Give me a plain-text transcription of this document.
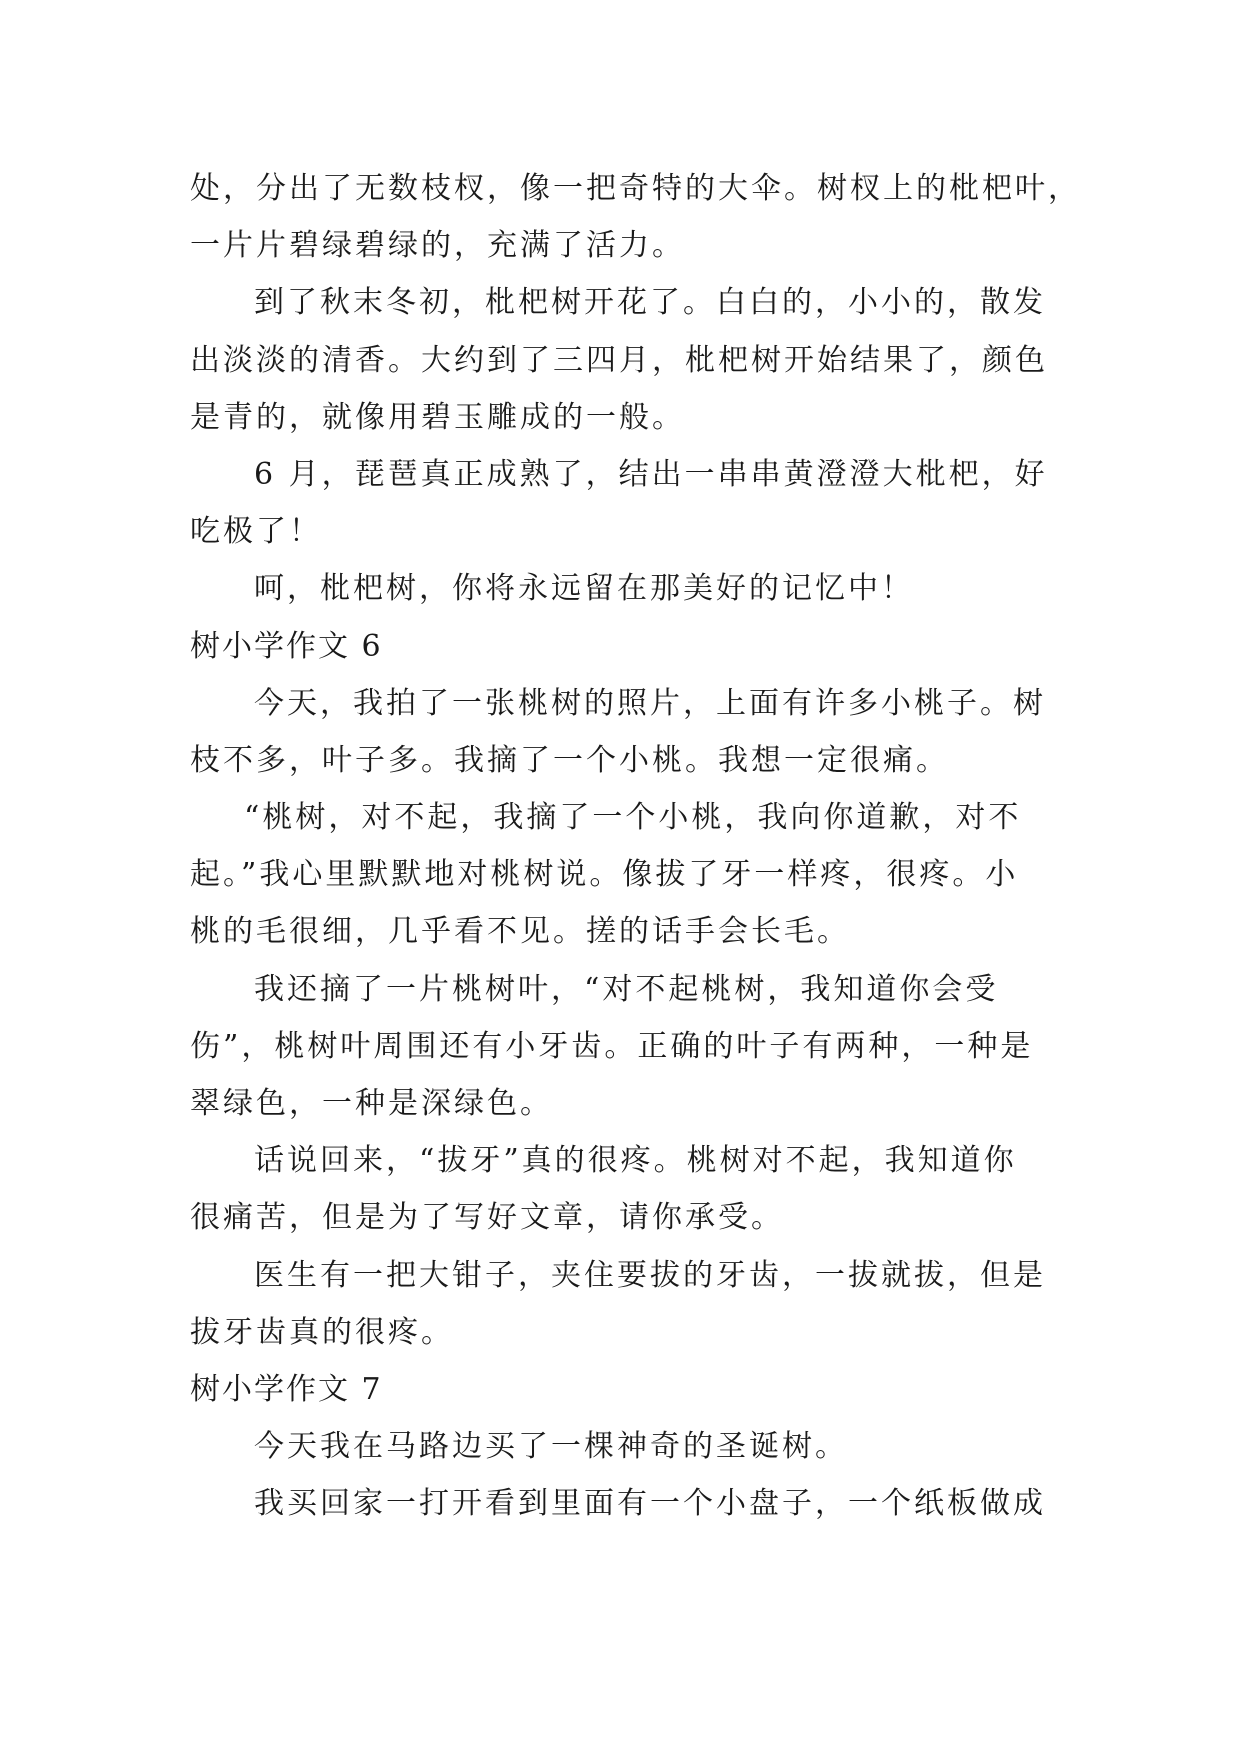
处，分出了无数枝杈，像一把奇特的大伞。树杈上的枇杷叶，
一片片碧绿碧绿的，充满了活力。
到了秋末冬初，枇杷树开花了。白白的，小小的，散发
出淡淡的清香。大约到了三四月，枇杷树开始结果了，颜色
是青的，就像用碧玉雕成的一般。
6 月，琵琶真正成熟了，结出一串串黄澄澄大枇杷，好
吃极了！
呵，枇杷树，你将永远留在那美好的记忆中！
树小学作文 6
今天，我拍了一张桃树的照片，上面有许多小桃子。树
枝不多，叶子多。我摘了一个小桃。我想一定很痛。
“桃树，对不起，我摘了一个小桃，我向你道歉，对不
起。”我心里默默地对桃树说。像拔了牙一样疼，很疼。小
桃的毛很细，几乎看不见。搓的话手会长毛。
我还摘了一片桃树叶，“对不起桃树，我知道你会受
伤”，桃树叶周围还有小牙齿。正确的叶子有两种，一种是
翠绿色，一种是深绿色。
话说回来，“拔牙”真的很疼。桃树对不起，我知道你
很痛苦，但是为了写好文章，请你承受。
医生有一把大钳子，夹住要拔的牙齿，一拔就拔，但是
拔牙齿真的很疼。
树小学作文 7
今天我在马路边买了一棵神奇的圣诞树。
我买回家一打开看到里面有一个小盘子，一个纸板做成
